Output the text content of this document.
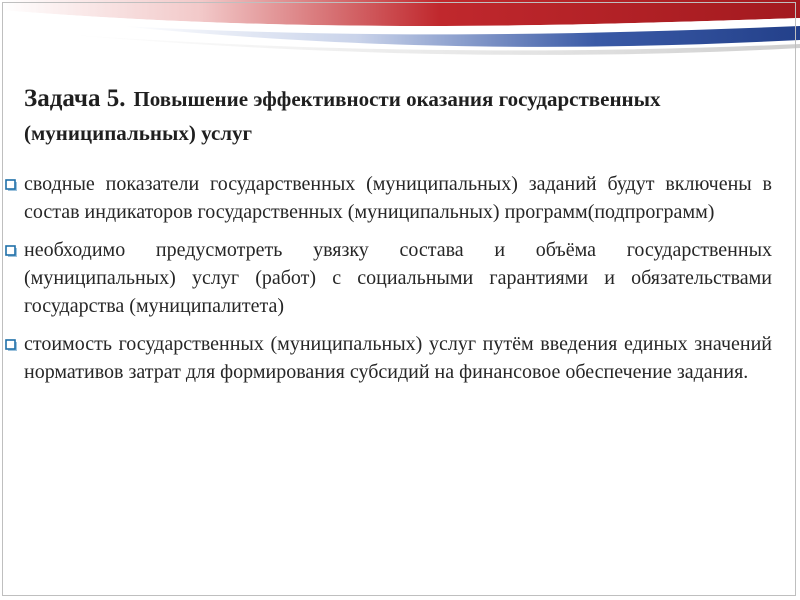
Задача 5. Повышение эффективности оказания государственных (муниципальных) услуг
сводные показатели государственных (муниципальных) заданий будут включены в состав индикаторов государственных (муниципальных) программ(подпрограмм)
необходимо предусмотреть увязку состава и объёма государственных (муниципальных) услуг (работ) с социальными гарантиями и обязательствами государства (муниципалитета)
стоимость государственных (муниципальных) услуг путём введения единых значений нормативов затрат для формирования субсидий на финансовое обеспечение задания.
